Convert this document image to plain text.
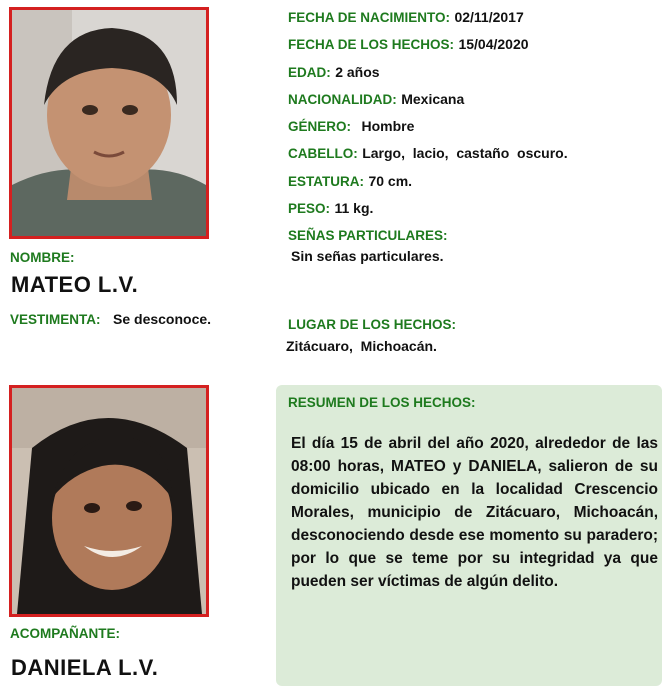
NOMBRE:
MATEO L.V.
VESTIMENTA: Se desconoce.
FECHA DE NACIMIENTO: 02/11/2017
FECHA DE LOS HECHOS: 15/04/2020
EDAD: 2 años
NACIONALIDAD: Mexicana
GÉNERO: Hombre
CABELLO: Largo,  lacio,  castaño  oscuro.
ESTATURA: 70 cm.
PESO: 11 kg.
SEÑAS PARTICULARES:
Sin señas particulares.
LUGAR DE LOS HECHOS:
Zitácuaro,  Michoacán.
ACOMPAÑANTE:
DANIELA L.V.
RESUMEN DE LOS HECHOS:
El día 15 de abril del año 2020, alrededor de las 08:00 horas, MATEO y DANIELA, salieron de su domicilio ubicado en la localidad Crescencio Morales, municipio de Zitácuaro, Michoacán, desconociendo desde ese momento su paradero; por lo que se teme por su integridad ya que pueden ser víctimas de algún delito.
